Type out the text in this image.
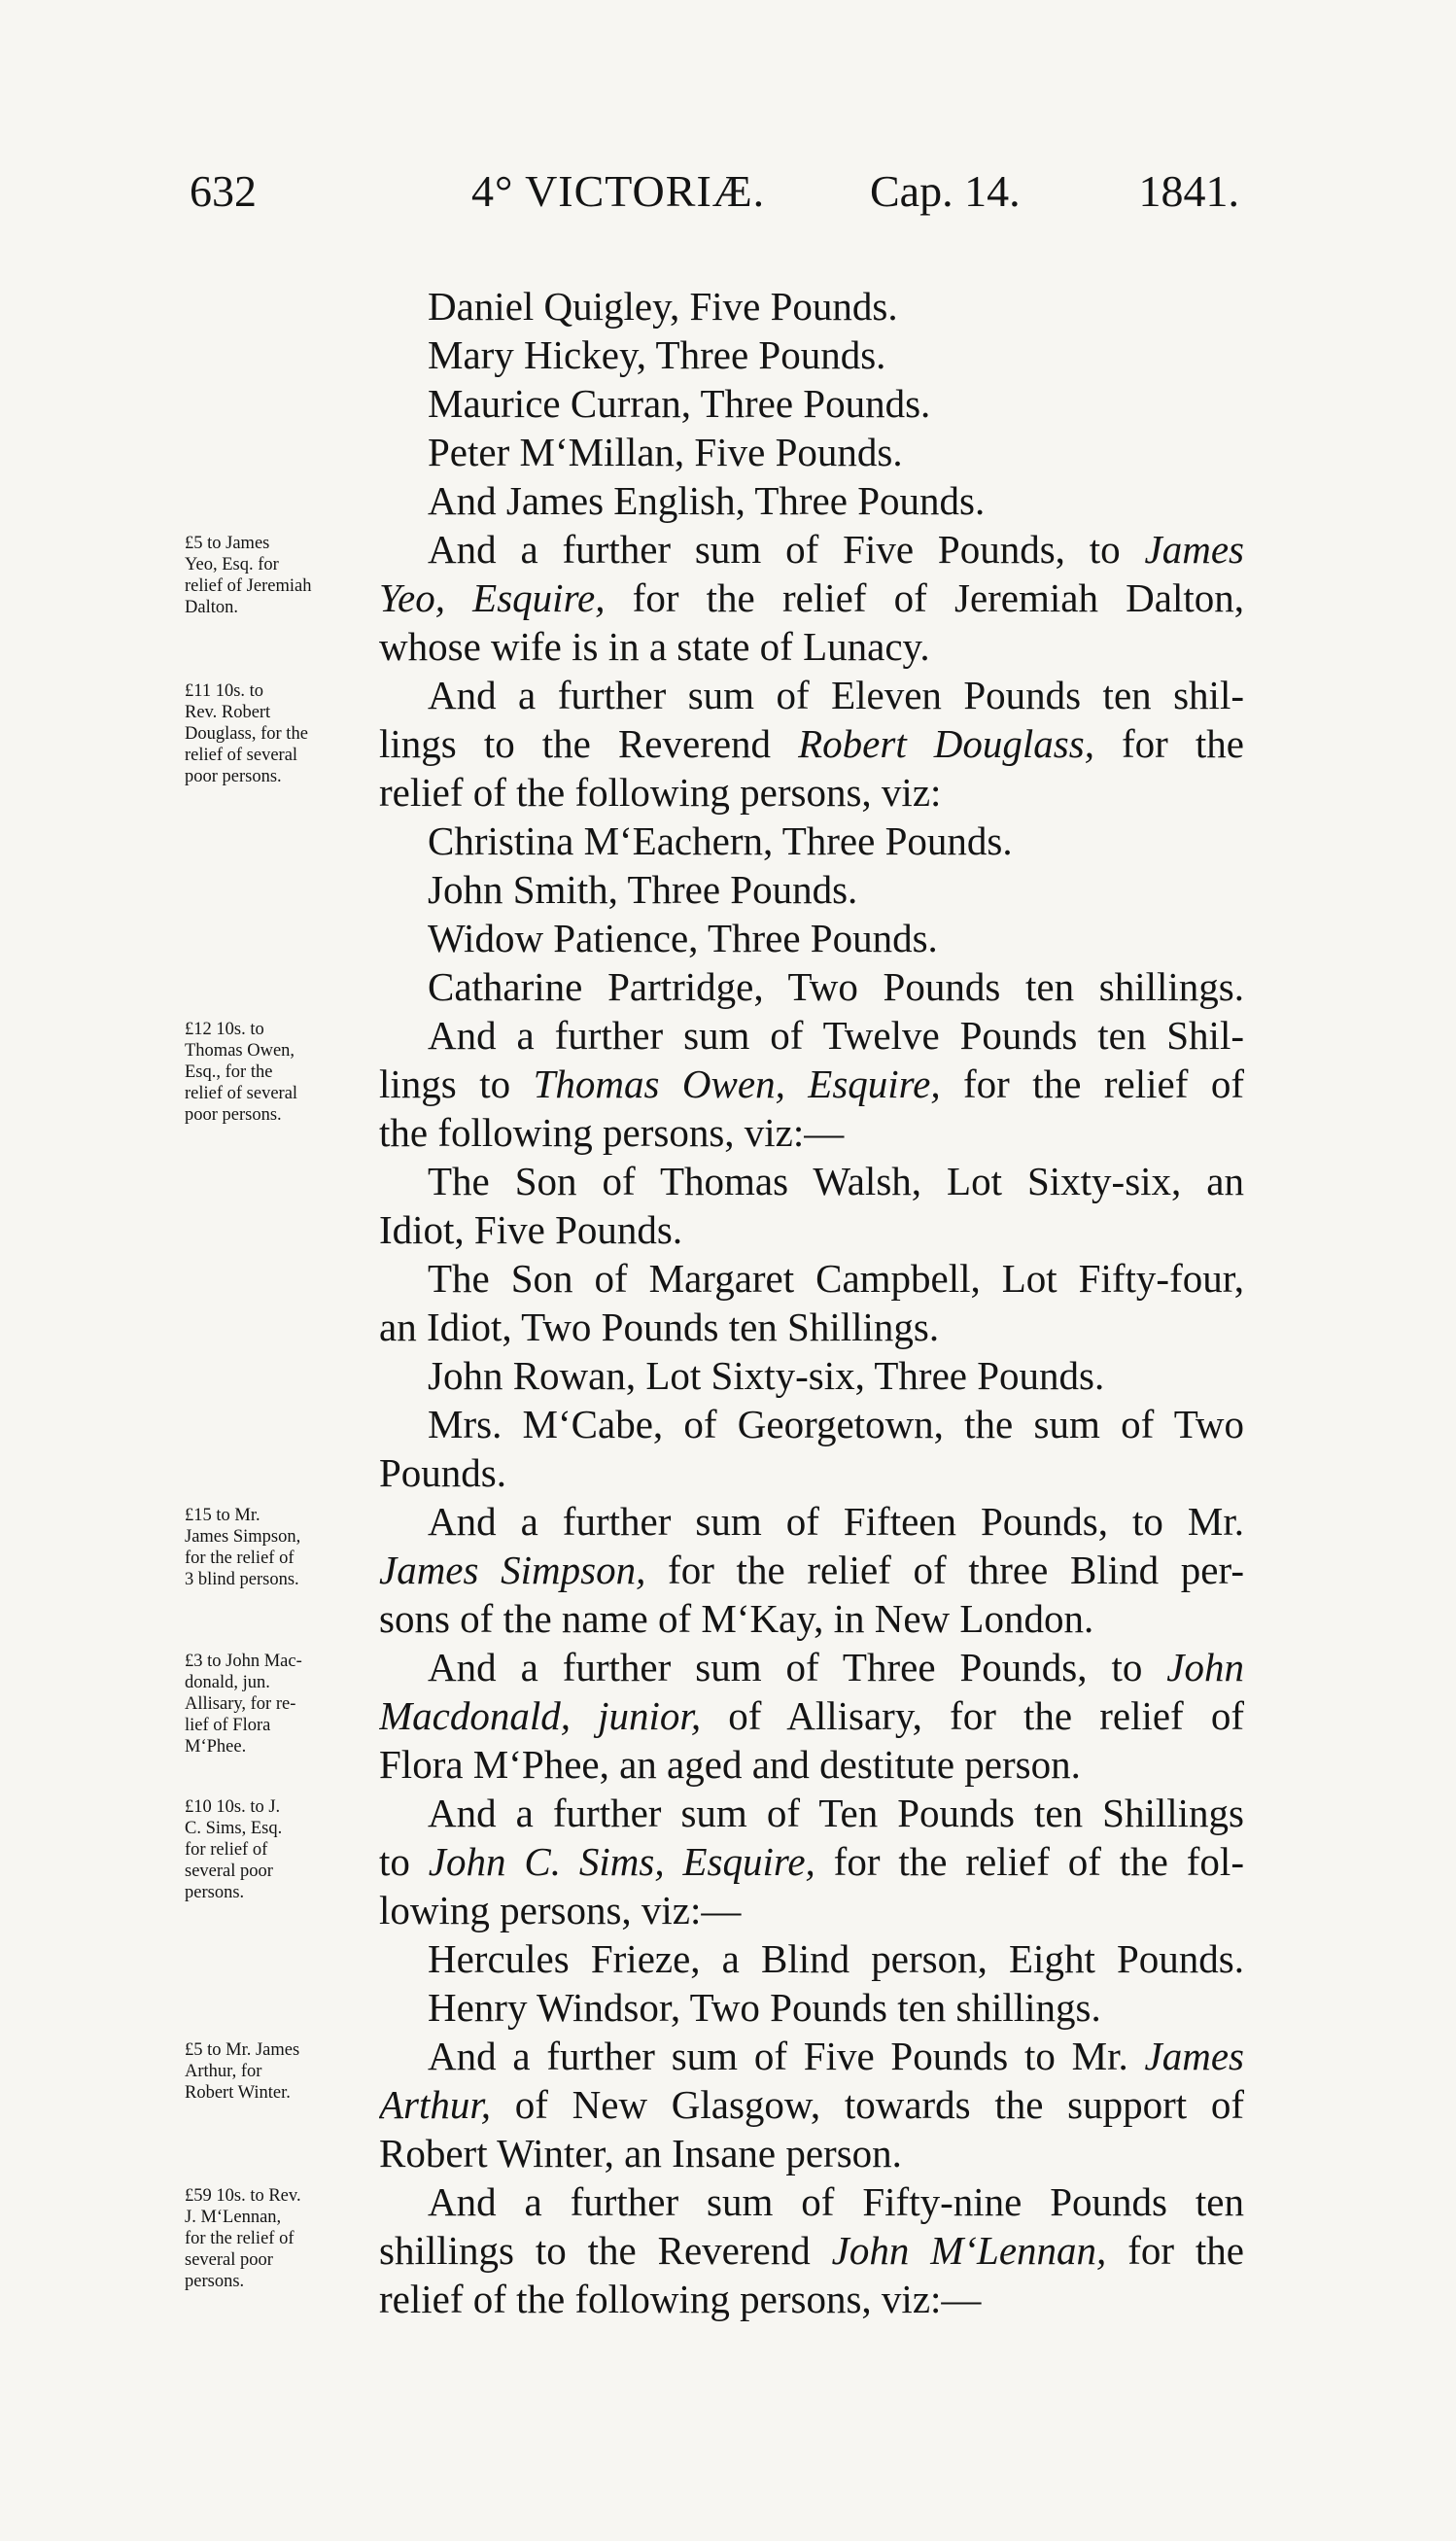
632	4° VICTORIÆ. Cap. 14.	1841.
Daniel Quigley, Five Pounds.
Mary Hickey, Three Pounds.
Maurice Curran, Three Pounds.
Peter M‘Millan, Five Pounds.
And James English, Three Pounds.
And a further sum of Five Pounds, to James
Yeo, Esquire, for the relief of Jeremiah Dalton,
whose wife is in a state of Lunacy.
And a further sum of Eleven Pounds ten shil-
lings to the Reverend Robert Douglass, for the
relief of the following persons, viz:
Christina M‘Eachern, Three Pounds.
John Smith, Three Pounds.
Widow Patience, Three Pounds.
Catharine Partridge, Two Pounds ten shillings.
And a further sum of Twelve Pounds ten Shil-
lings to Thomas Owen, Esquire, for the relief of
the following persons, viz:—
The Son of Thomas Walsh, Lot Sixty-six, an
Idiot, Five Pounds.
The Son of Margaret Campbell, Lot Fifty-four,
an Idiot, Two Pounds ten Shillings.
John Rowan, Lot Sixty-six, Three Pounds.
Mrs. M‘Cabe, of Georgetown, the sum of Two
Pounds.
And a further sum of Fifteen Pounds, to Mr.
James Simpson, for the relief of three Blind per-
sons of the name of M‘Kay, in New London.
And a further sum of Three Pounds, to John
Macdonald, junior, of Allisary, for the relief of
Flora M‘Phee, an aged and destitute person.
And a further sum of Ten Pounds ten Shillings
to John C. Sims, Esquire, for the relief of the fol-
lowing persons, viz:—
Hercules Frieze, a Blind person, Eight Pounds.
Henry Windsor, Two Pounds ten shillings.
And a further sum of Five Pounds to Mr. James
Arthur, of New Glasgow, towards the support of
Robert Winter, an Insane person.
And a further sum of Fifty-nine Pounds ten
shillings to the Reverend John M‘Lennan, for the
relief of the following persons, viz:—
£5 to James
Yeo, Esq. for
relief of Jeremiah
Dalton.
£11 10s. to
Rev. Robert
Douglass, for the
relief of several
poor persons.
£12 10s. to
Thomas Owen,
Esq., for the
relief of several
poor persons.
£15 to Mr.
James Simpson,
for the relief of
3 blind persons.
£3 to John Mac-
donald, jun.
Allisary, for re-
lief of Flora
M‘Phee.
£10 10s. to J.
C. Sims, Esq.
for relief of
several poor
persons.
£5 to Mr. James
Arthur, for
Robert Winter.
£59 10s. to Rev.
J. M‘Lennan,
for the relief of
several poor
persons.
